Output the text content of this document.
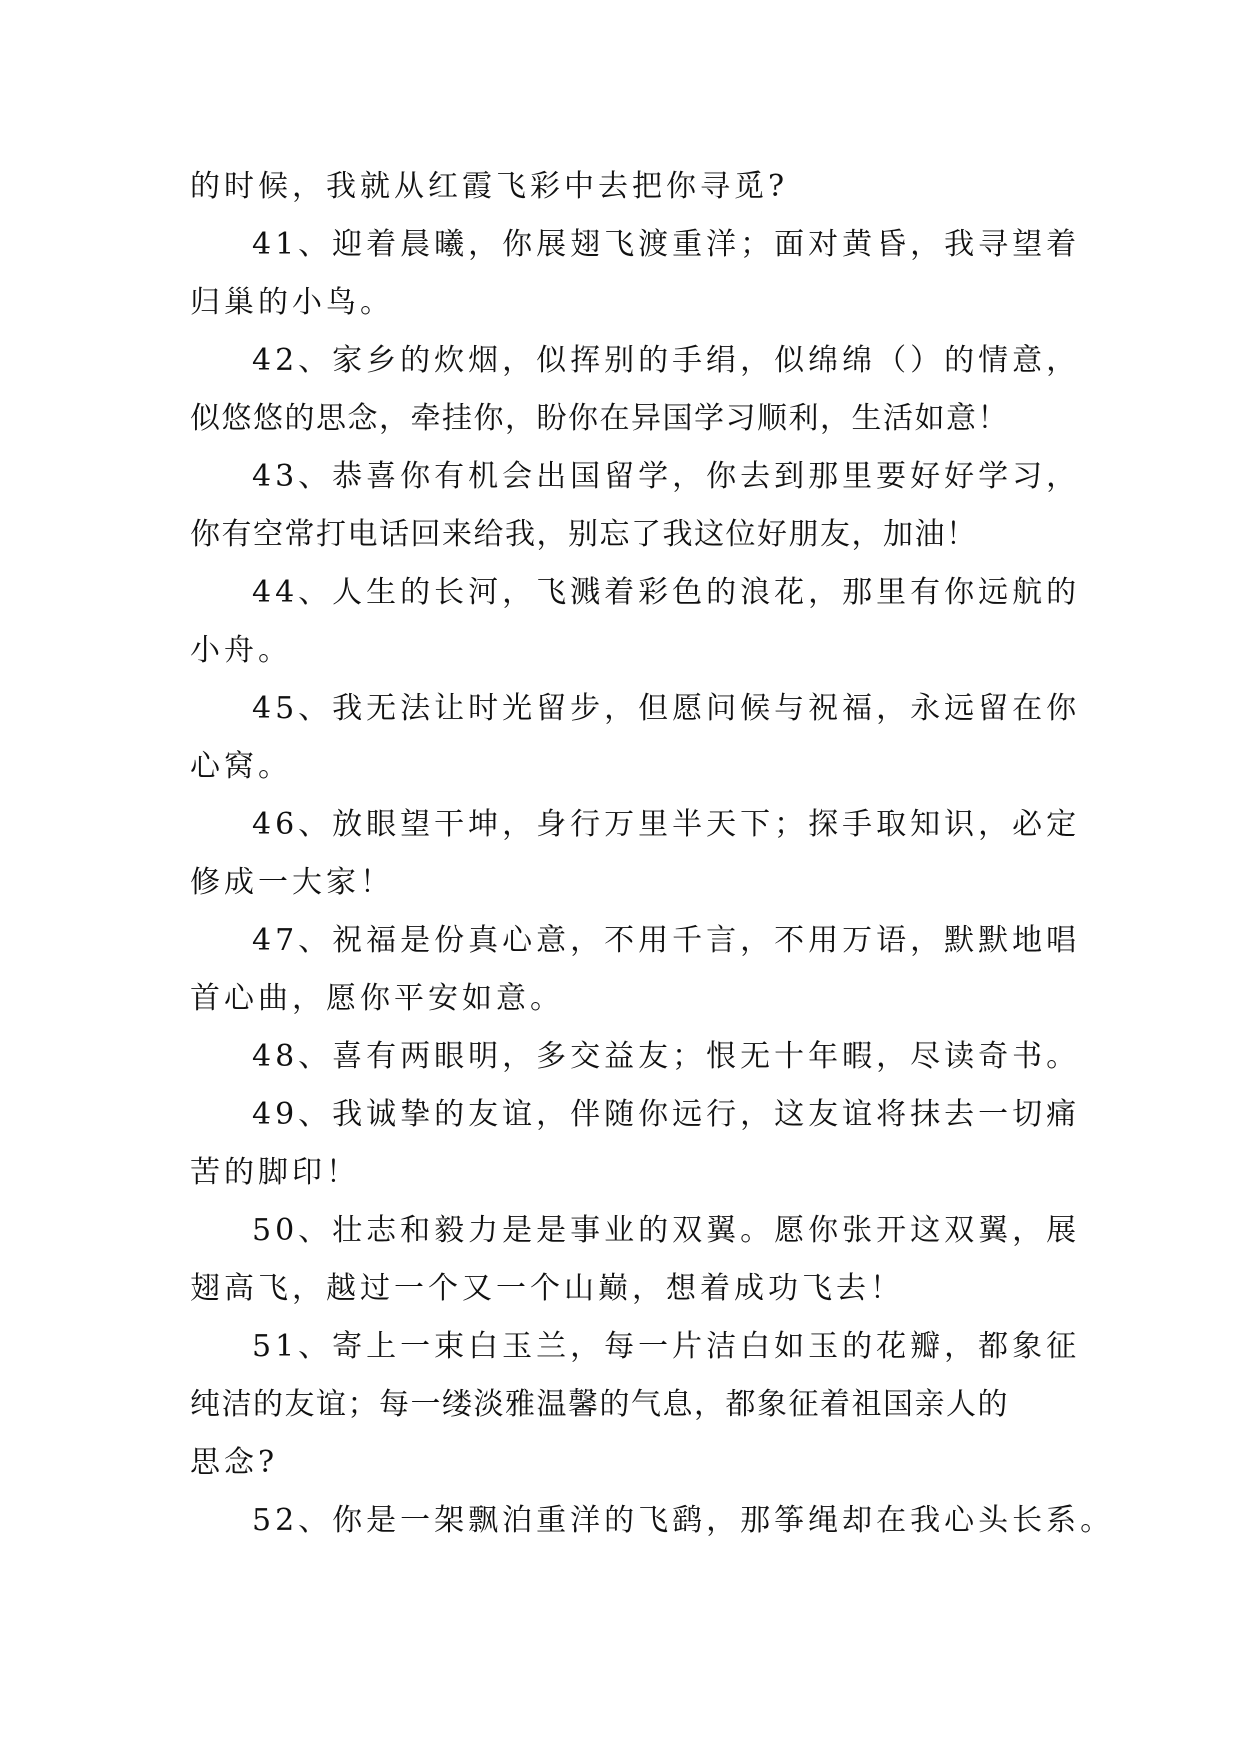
的时候，我就从红霞飞彩中去把你寻觅?
41、迎着晨曦，你展翅飞渡重洋；面对黄昏，我寻望着
归巢的小鸟。
42、家乡的炊烟，似挥别的手绢，似绵绵（）的情意，
似悠悠的思念，牵挂你，盼你在异国学习顺利，生活如意！
43、恭喜你有机会出国留学，你去到那里要好好学习，
你有空常打电话回来给我，别忘了我这位好朋友，加油！
44、人生的长河，飞溅着彩色的浪花，那里有你远航的
小舟。
45、我无法让时光留步，但愿问候与祝福，永远留在你
心窝。
46、放眼望干坤，身行万里半天下；探手取知识，必定
修成一大家！
47、祝福是份真心意，不用千言，不用万语，默默地唱
首心曲，愿你平安如意。
48、喜有两眼明，多交益友；恨无十年暇，尽读奇书。
49、我诚挚的友谊，伴随你远行，这友谊将抹去一切痛
苦的脚印！
50、壮志和毅力是是事业的双翼。愿你张开这双翼，展
翅高飞，越过一个又一个山巅，想着成功飞去！
51、寄上一束白玉兰，每一片洁白如玉的花瓣，都象征
纯洁的友谊；每一缕淡雅温馨的气息，都象征着祖国亲人的
思念?
52、你是一架飘泊重洋的飞鹞，那筝绳却在我心头长系。
